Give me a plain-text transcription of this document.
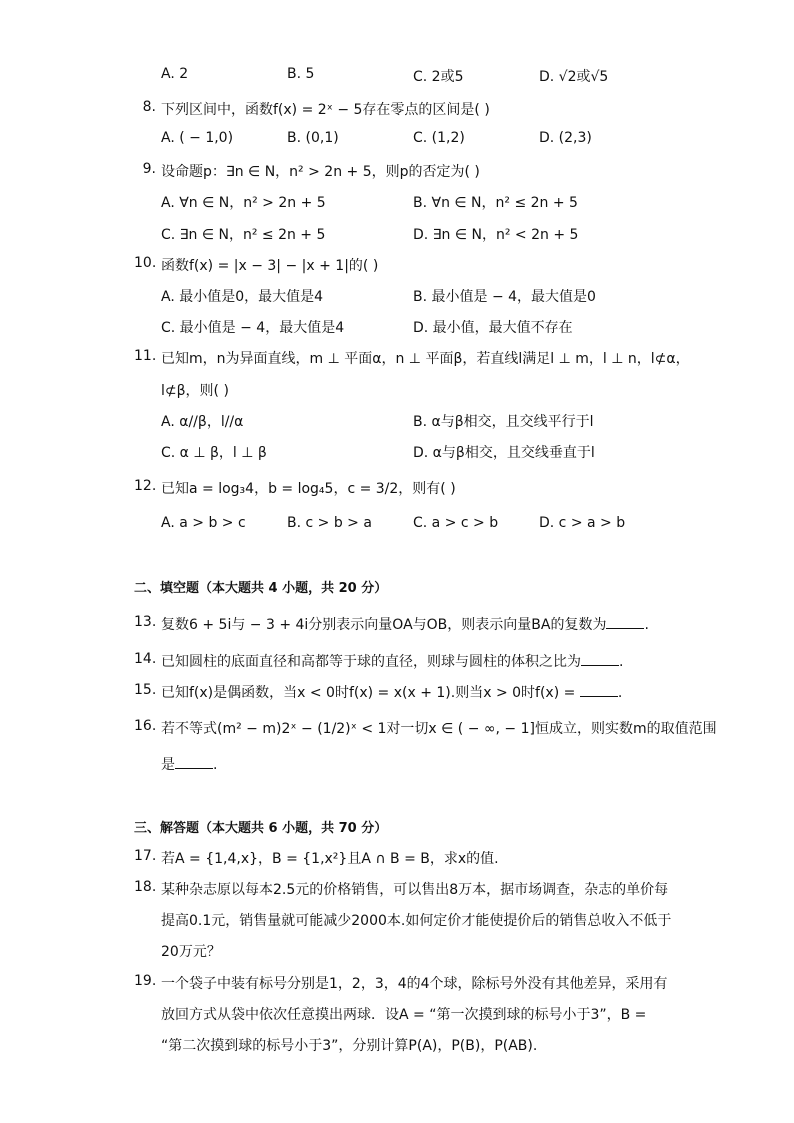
A. 2	B. 5	C. 2或5	D. √2或√5
8. 下列区间中，函数f(x) = 2ˣ − 5存在零点的区间是( )
A. ( − 1,0)	B. (0,1)	C. (1,2)	D. (2,3)
9. 设命题p：∃n ∈ N，n² > 2n + 5，则p的否定为( )
A. ∀n ∈ N，n² > 2n + 5	B. ∀n ∈ N，n² ≤ 2n + 5
C. ∃n ∈ N，n² ≤ 2n + 5	D. ∃n ∈ N，n² < 2n + 5
10. 函数f(x) = |x − 3| − |x + 1|的( )
A. 最小值是0，最大值是4	B. 最小值是 − 4，最大值是0
C. 最小值是 − 4，最大值是4	D. 最小值，最大值不存在
11. 已知m，n为异面直线，m ⊥ 平面α，n ⊥ 平面β，若直线l满足l ⊥ m，l ⊥ n，l⊄α，
l⊄β，则( )
A. α//β，l//α	B. α与β相交，且交线平行于l
C. α ⊥ β，l ⊥ β	D. α与β相交，且交线垂直于l
12. 已知a = log₃4，b = log₄5，c = 3/2，则有( )
A. a > b > c	B. c > b > a	C. a > c > b	D. c > a > b
二、填空题（本大题共 4 小题，共 20 分）
13. 复数6 + 5i与 − 3 + 4i分别表示向量OA与OB，则表示向量BA的复数为	.
14. 已知圆柱的底面直径和高都等于球的直径，则球与圆柱的体积之比为	.
15. 已知f(x)是偶函数，当x < 0时f(x) = x(x + 1).则当x > 0时f(x) =	.
16. 若不等式(m² − m)2ˣ − (1/2)ˣ < 1对一切x ∈ ( − ∞, − 1]恒成立，则实数m的取值范围
是	.
三、解答题（本大题共 6 小题，共 70 分）
17. 若A = {1,4,x}，B = {1,x²}且A ∩ B = B，求x的值.
18. 某种杂志原以每本2.5元的价格销售，可以售出8万本，据市场调查，杂志的单价每
提高0.1元，销售量就可能减少2000本.如何定价才能使提价后的销售总收入不低于
20万元？
19. 一个袋子中装有标号分别是1，2，3，4的4个球，除标号外没有其他差异，采用有
放回方式从袋中依次任意摸出两球．设A = “第一次摸到球的标号小于3”，B =
“第二次摸到球的标号小于3”，分别计算P(A)，P(B)，P(AB).
